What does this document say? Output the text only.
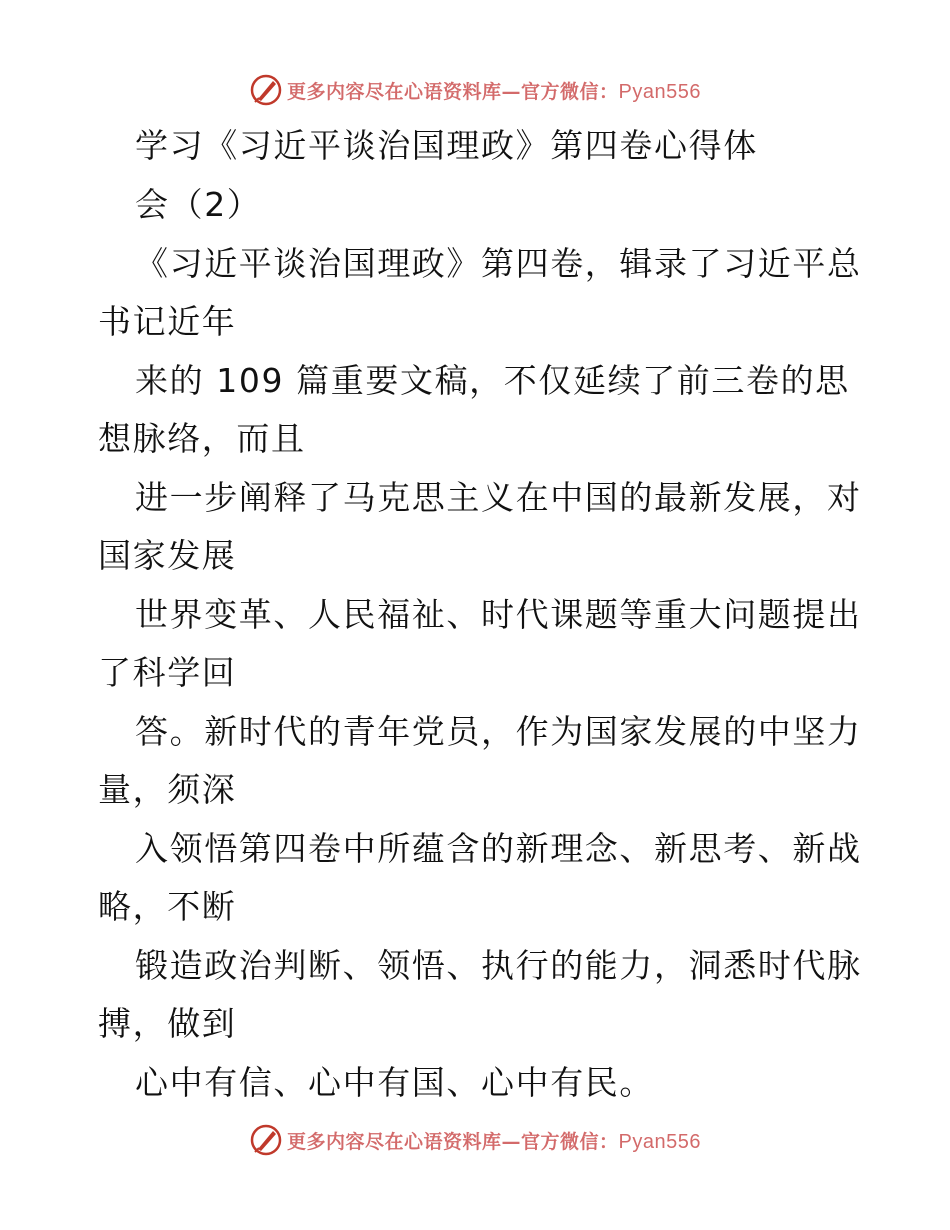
更多内容尽在心语资料库—官方微信：Pyan556
学习《习近平谈治国理政》第四卷心得体
会（2）
《习近平谈治国理政》第四卷，辑录了习近平总
书记近年
来的 109 篇重要文稿，不仅延续了前三卷的思
想脉络，而且
进一步阐释了马克思主义在中国的最新发展，对
国家发展
世界变革、人民福祉、时代课题等重大问题提出
了科学回
答。新时代的青年党员，作为国家发展的中坚力
量，须深
入领悟第四卷中所蕴含的新理念、新思考、新战
略，不断
锻造政治判断、领悟、执行的能力，洞悉时代脉
搏，做到
心中有信、心中有国、心中有民。
更多内容尽在心语资料库—官方微信：Pyan556
